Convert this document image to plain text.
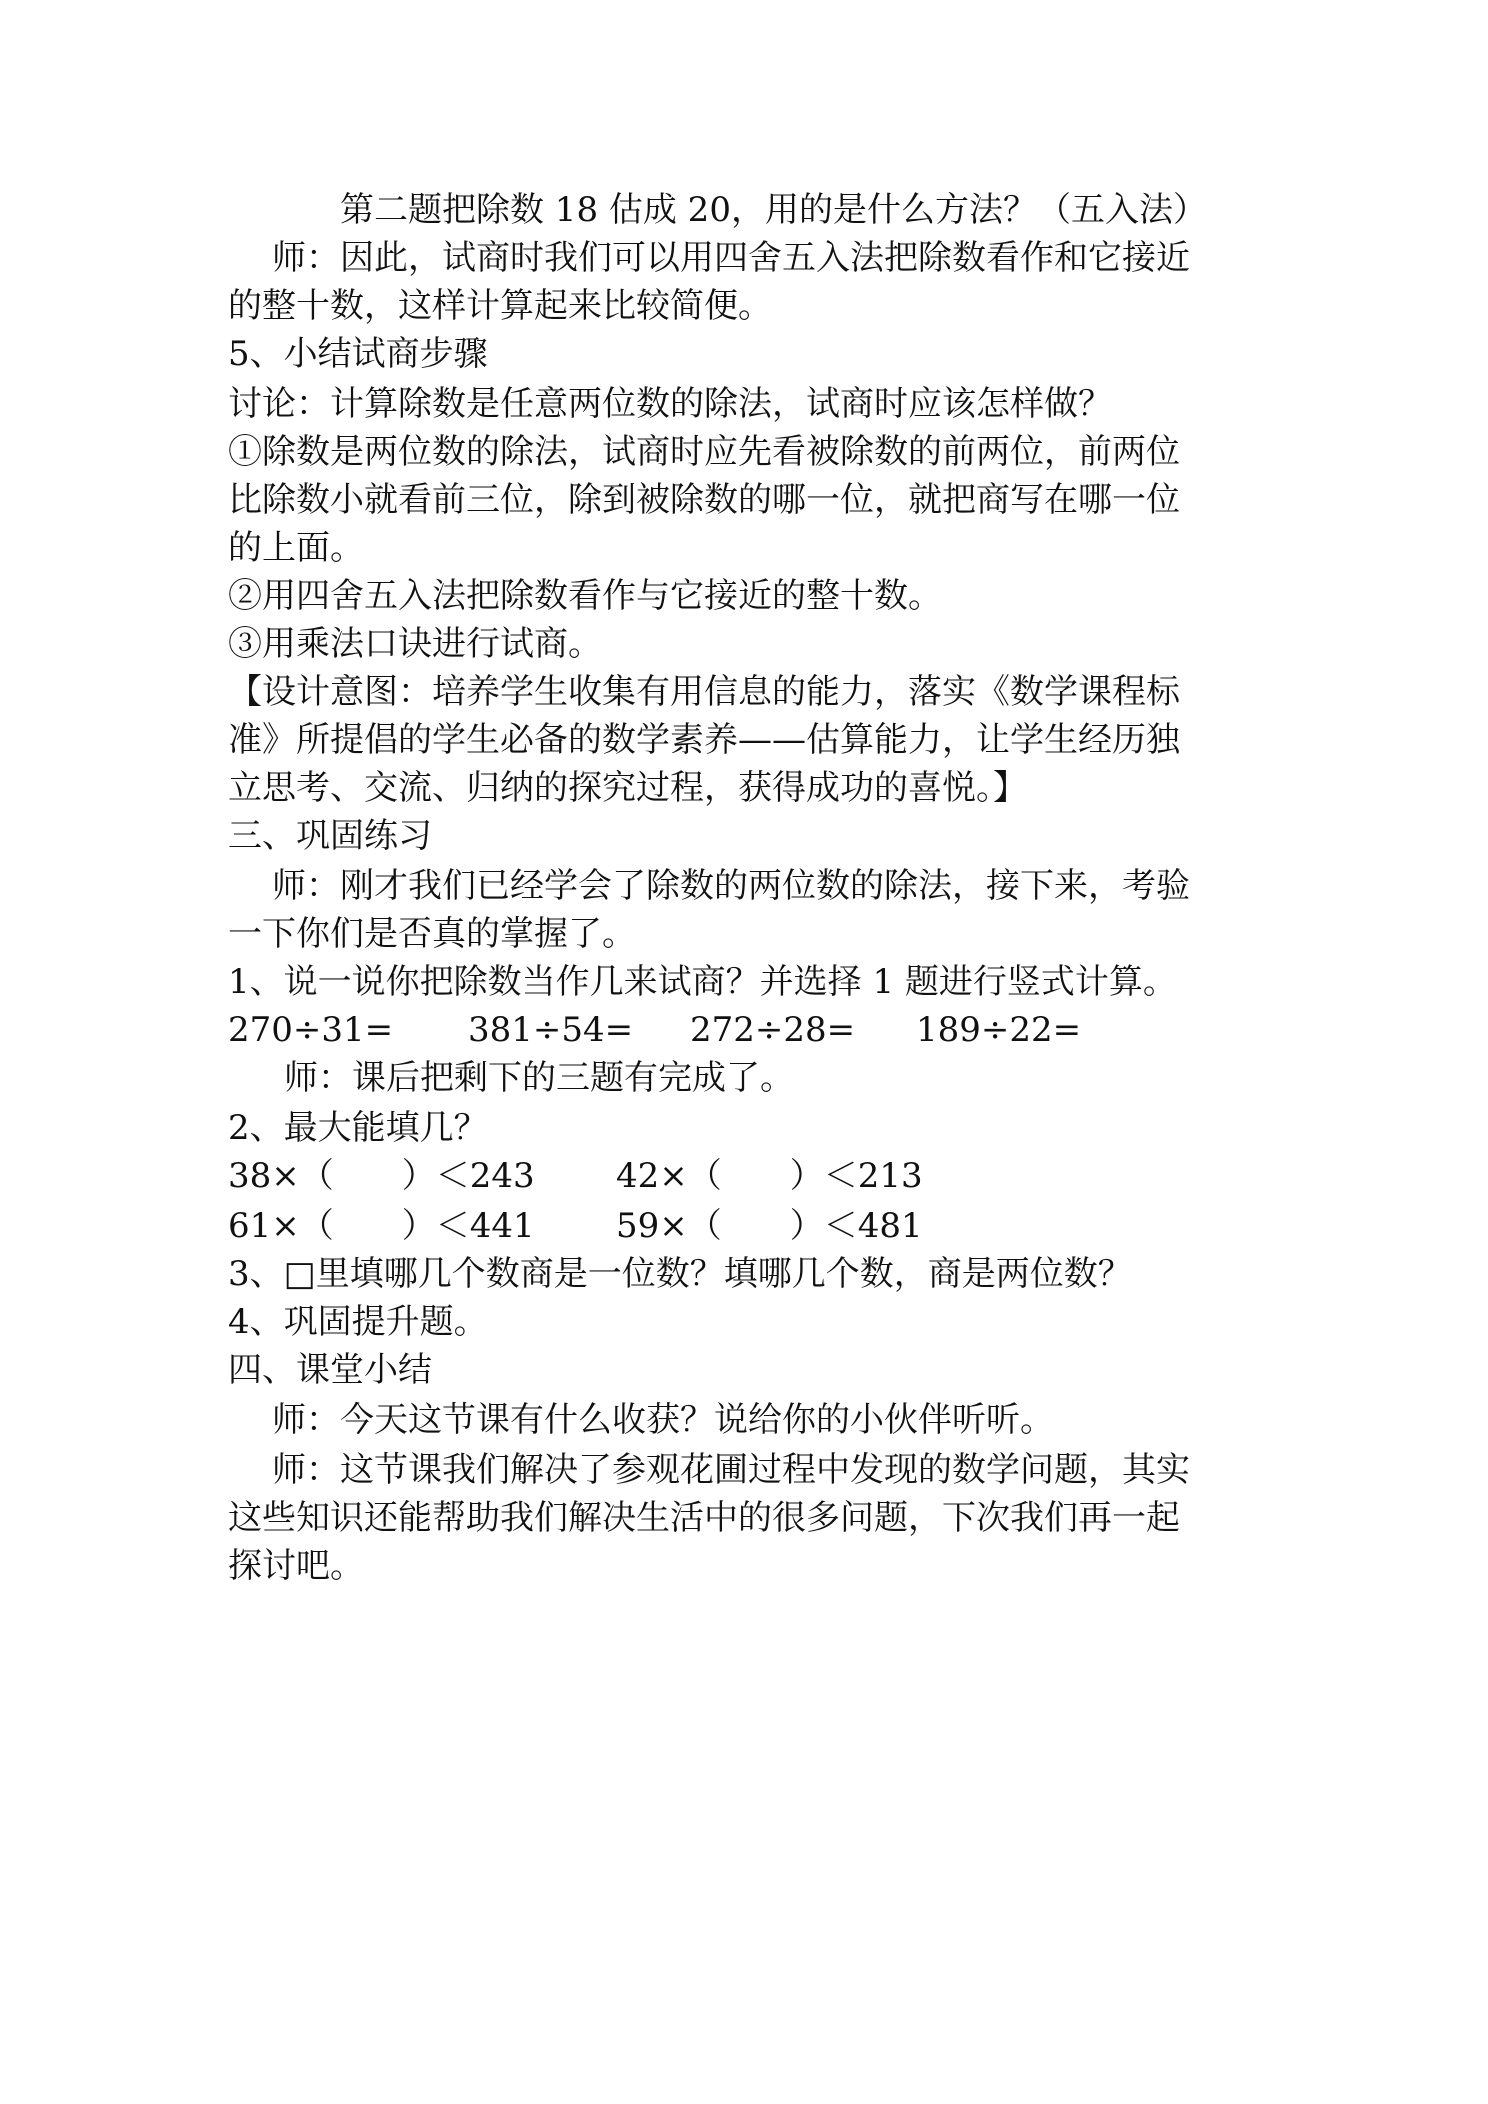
第二题把除数 18 估成 20，用的是什么方法？（五入法）
师：因此，试商时我们可以用四舍五入法把除数看作和它接近
的整十数，这样计算起来比较简便。
5、小结试商步骤
讨论：计算除数是任意两位数的除法，试商时应该怎样做？
①除数是两位数的除法，试商时应先看被除数的前两位，前两位
比除数小就看前三位，除到被除数的哪一位，就把商写在哪一位
的上面。
②用四舍五入法把除数看作与它接近的整十数。
③用乘法口诀进行试商。
【设计意图：培养学生收集有用信息的能力，落实《数学课程标
准》所提倡的学生必备的数学素养——估算能力，让学生经历独
立思考、交流、归纳的探究过程，获得成功的喜悦。】
三、巩固练习
师：刚才我们已经学会了除数的两位数的除法，接下来，考验
一下你们是否真的掌握了。
1、说一说你把除数当作几来试商？并选择 1 题进行竖式计算。
270÷31= 381÷54= 272÷28= 189÷22=
师：课后把剩下的三题有完成了。
2、最大能填几？
38×（　　）＜243 42×（　　）＜213
61×（　　）＜441 59×（　　）＜481
3、□里填哪几个数商是一位数？填哪几个数，商是两位数？
4、巩固提升题。
四、课堂小结
师：今天这节课有什么收获？说给你的小伙伴听听。
师：这节课我们解决了参观花圃过程中发现的数学问题，其实
这些知识还能帮助我们解决生活中的很多问题，下次我们再一起
探讨吧。
